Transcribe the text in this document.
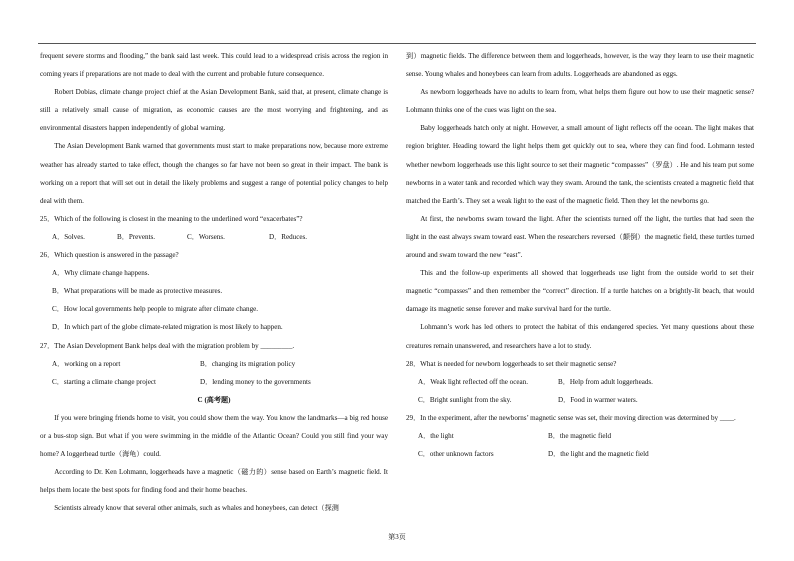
frequent severe storms and flooding,” the bank said last week. This could lead to a widespread crisis across the region in coming years if preparations are not made to deal with the current and probable future consequence.
Robert Dobias, climate change project chief at the Asian Development Bank, said that, at present, climate change is still a relatively small cause of migration, as economic causes are the most worrying and frightening, and as environmental disasters happen independently of global warning.
The Asian Development Bank warned that governments must start to make preparations now, because more extreme weather has already started to take effect, though the changes so far have not been so great in their impact. The bank is working on a report that will set out in detail the likely problems and suggest a range of potential policy changes to help deal with them.
25．Which of the following is closest in the meaning to the underlined word “exacerbates”?
A．Solves.	B．Prevents.	C．Worsens.	D．Reduces.
26．Which question is answered in the passage?
A．Why climate change happens.
B．What preparations will be made as protective measures.
C．How local governments help people to migrate after climate change.
D．In which part of the globe climate-related migration is most likely to happen.
27．The Asian Development Bank helps deal with the migration problem by _________.
A．working on a report	B．changing its migration policy
C．starting a climate change project	D．lending money to the governments
C (高考题)
If you were bringing friends home to visit, you could show them the way. You know the landmarks—a big red house or a bus-stop sign. But what if you were swimming in the middle of the Atlantic Ocean? Could you still find your way home? A loggerhead turtle（海龟）could.
According to Dr. Ken Lohmann, loggerheads have a magnetic（磁力的）sense based on Earth’s magnetic field. It helps them locate the best spots for finding food and their home beaches.
Scientists already know that several other animals, such as whales and honeybees, can detect（探测
到）magnetic fields. The difference between them and loggerheads, however, is the way they learn to use their magnetic sense. Young whales and honeybees can learn from adults. Loggerheads are abandoned as eggs.
As newborn loggerheads have no adults to learn from, what helps them figure out how to use their magnetic sense? Lohmann thinks one of the cues was light on the sea.
Baby loggerheads hatch only at night. However, a small amount of light reflects off the ocean. The light makes that region brighter. Heading toward the light helps them get quickly out to sea, where they can find food. Lohmann tested whether newborn loggerheads use this light source to set their magnetic “compasses”（罗盘）. He and his team put some newborns in a water tank and recorded which way they swam. Around the tank, the scientists created a magnetic field that matched the Earth’s. They set a weak light to the east of the magnetic field. Then they let the newborns go.
At first, the newborns swam toward the light. After the scientists turned off the light, the turtles that had seen the light in the east always swam toward east. When the researchers reversed（颠倒）the magnetic field, these turtles turned around and swam toward the new “east”.
This and the follow-up experiments all showed that loggerheads use light from the outside world to set their magnetic “compasses” and then remember the “correct” direction. If a turtle hatches on a brightly-lit beach, that would damage its magnetic sense forever and make survival hard for the turtle.
Lohmann’s work has led others to protect the habitat of this endangered species. Yet many questions about these creatures remain unanswered, and researchers have a lot to study.
28．What is needed for newborn loggerheads to set their magnetic sense?
A．Weak light reflected off the ocean.	B．Help from adult loggerheads.
C．Bright sunlight from the sky.	D．Food in warmer waters.
29．In the experiment, after the newborns’ magnetic sense was set, their moving direction was determined by ____.
A．the light	B．the magnetic field
C．other unknown factors	D．the light and the magnetic field
第3页
